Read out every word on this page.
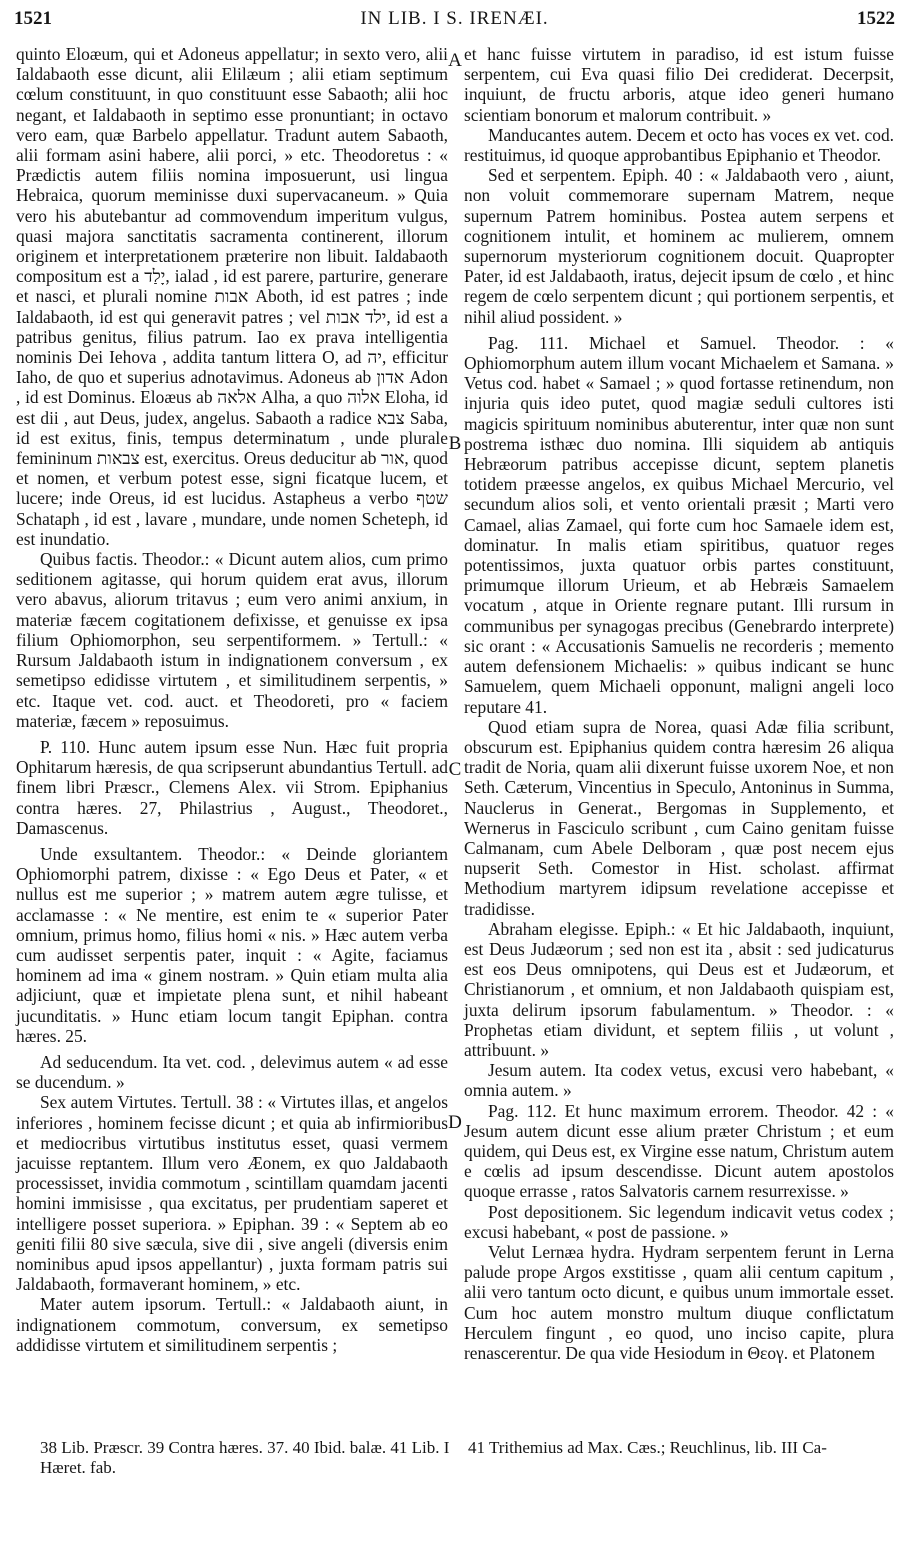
1521	IN LIB. I S. IRENÆI.	1522

quinto Eloæum, qui et Adoneus appellatur; in sexto vero, alii Ialdabaoth esse dicunt, alii Elilæum ; alii etiam septimum cœlum constituunt, in quo constituunt esse Sabaoth; alii hoc negant, et Ialdabaoth in septimo esse pronuntiant; in octavo vero eam, quæ Barbelo appellatur. Tradunt autem Sabaoth, alii formam asini habere, alii porci, » etc. Theodoretus : « Prædictis autem filiis nomina imposuerunt, usi lingua Hebraica, quorum meminisse duxi supervacaneum. » Quia vero his abutebantur ad commovendum imperitum vulgus, quasi majora sanctitatis sacramenta continerent, illorum originem et interpretationem præterire non libuit. Ialdabaoth compositum est a יָלַד, ialad , id est parere, parturire, generare et nasci, et plurali nomine אבות Aboth, id est patres ; inde Ialdabaoth, id est qui generavit patres ; vel ילד אבות, id est a patribus genitus, filius patrum. Iao ex prava intelligentia nominis Dei Iehova , addita tantum littera O, ad יה, efficitur Iaho, de quo et superius adnotavimus. Adoneus ab אדון Adon , id est Dominus. Eloæus ab אלאה Alha, a quo אלוה Eloha, id est dii , aut Deus, judex, angelus. Sabaoth a radice צבא Saba, id est exitus, finis, tempus determinatum , unde plurale femininum צבאות est, exercitus. Oreus deducitur ab אור, quod et nomen, et verbum potest esse, signi ficatque lucem, et lucere; inde Oreus, id est lucidus. Astapheus a verbo שטף Schataph , id est , lavare , mundare, unde nomen Scheteph, id est inundatio.

Quibus factis. Theodor.: « Dicunt autem alios, cum primo seditionem agitasse, qui horum quidem erat avus, illorum vero abavus, aliorum tritavus ; eum vero animi anxium, in materiæ fæcem cogitationem defixisse, et genuisse ex ipsa filium Ophiomorphon, seu serpentiformem. » Tertull.: « Rursum Jaldabaoth istum in indignationem conversum , ex semetipso edidisse virtutem , et similitudinem serpentis, » etc. Itaque vet. cod. auct. et Theodoreti, pro « faciem materiæ, fæcem » reposuimus.

P. 110. Hunc autem ipsum esse Nun. Hæc fuit propria Ophitarum hæresis, de qua scripserunt abundantius Tertull. ad finem libri Præscr., Clemens Alex. vii Strom. Epiphanius contra hæres. 27, Philastrius , August., Theodoret., Damascenus.

Unde exsultantem. Theodor.: « Deinde gloriantem Ophiomorphi patrem, dixisse : « Ego Deus et Pater, « et nullus est me superior ; » matrem autem ægre tulisse, et acclamasse : « Ne mentire, est enim te « superior Pater omnium, primus homo, filius homi « nis. » Hæc autem verba cum audisset serpentis pater, inquit : « Agite, faciamus hominem ad ima « ginem nostram. » Quin etiam multa alia adjiciunt, quæ et impietate plena sunt, et nihil habeant jucunditatis. » Hunc etiam locum tangit Epiphan. contra hæres. 25.

Ad seducendum. Ita vet. cod. , delevimus autem « ad esse se ducendum. »

Sex autem Virtutes. Tertull. 38 : « Virtutes illas, et angelos inferiores , hominem fecisse dicunt ; et quia ab infirmioribus et mediocribus virtutibus institutus esset, quasi vermem jacuisse reptantem. Illum vero Æonem, ex quo Jaldabaoth processisset, invidia commotum , scintillam quamdam jacenti homini immisisse , qua excitatus, per prudentiam saperet et intelligere posset superiora. » Epiphan. 39 : « Septem ab eo geniti filii 80 sive sæcula, sive dii , sive angeli (diversis enim nominibus apud ipsos appellantur) , juxta formam patris sui Jaldabaoth, formaverant hominem, » etc.

Mater autem ipsorum. Tertull.: « Jaldabaoth aiunt, in indignationem commotum, conversum, ex semetipso addidisse virtutem et similitudinem serpentis ;

A
B
C
D

et hanc fuisse virtutem in paradiso, id est istum fuisse serpentem, cui Eva quasi filio Dei crediderat. Decerpsit, inquiunt, de fructu arboris, atque ideo generi humano scientiam bonorum et malorum contribuit. »

Manducantes autem. Decem et octo has voces ex vet. cod. restituimus, id quoque approbantibus Epiphanio et Theodor.

Sed et serpentem. Epiph. 40 : « Jaldabaoth vero , aiunt, non voluit commemorare supernam Matrem, neque supernum Patrem hominibus. Postea autem serpens et cognitionem intulit, et hominem ac mulierem, omnem supernorum mysteriorum cognitionem docuit. Quapropter Pater, id est Jaldabaoth, iratus, dejecit ipsum de cœlo , et hinc regem de cœlo serpentem dicunt ; qui portionem serpentis, et nihil aliud possident. »

Pag. 111. Michael et Samuel. Theodor. : « Ophiomorphum autem illum vocant Michaelem et Samana. » Vetus cod. habet « Samael ; » quod fortasse retinendum, non injuria quis ideo putet, quod magiæ seduli cultores isti magicis spirituum nominibus abuterentur, inter quæ non sunt postrema isthæc duo nomina. Illi siquidem ab antiquis Hebræorum patribus accepisse dicunt, septem planetis totidem præesse angelos, ex quibus Michael Mercurio, vel secundum alios soli, et vento orientali præsit ; Marti vero Camael, alias Zamael, qui forte cum hoc Samaele idem est, dominatur. In malis etiam spiritibus, quatuor reges potentissimos, juxta quatuor orbis partes constituunt, primumque illorum Urieum, et ab Hebræis Samaelem vocatum , atque in Oriente regnare putant. Illi rursum in communibus per synagogas precibus (Genebrardo interprete) sic orant : « Accusationis Samuelis ne recorderis ; memento autem defensionem Michaelis: » quibus indicant se hunc Samuelem, quem Michaeli opponunt, maligni angeli loco reputare 41.

Quod etiam supra de Norea, quasi Adæ filia scribunt, obscurum est. Epiphanius quidem contra hæresim 26 aliqua tradit de Noria, quam alii dixerunt fuisse uxorem Noe, et non Seth. Cæterum, Vincentius in Speculo, Antoninus in Summa, Nauclerus in Generat., Bergomas in Supplemento, et Wernerus in Fasciculo scribunt , cum Caino genitam fuisse Calmanam, cum Abele Delboram , quæ post necem ejus nupserit Seth. Comestor in Hist. scholast. affirmat Methodium martyrem idipsum revelatione accepisse et tradidisse.

Abraham elegisse. Epiph.: « Et hic Jaldabaoth, inquiunt, est Deus Judæorum ; sed non est ita , absit : sed judicaturus est eos Deus omnipotens, qui Deus est et Judæorum, et Christianorum , et omnium, et non Jaldabaoth quispiam est, juxta delirum ipsorum fabulamentum. » Theodor. : « Prophetas etiam dividunt, et septem filiis , ut volunt , attribuunt. »

Jesum autem. Ita codex vetus, excusi vero habebant, « omnia autem. »

Pag. 112. Et hunc maximum errorem. Theodor. 42 : « Jesum autem dicunt esse alium præter Christum ; et eum quidem, qui Deus est, ex Virgine esse natum, Christum autem e cœlis ad ipsum descendisse. Dicunt autem apostolos quoque errasse , ratos Salvatoris carnem resurrexisse. »

Post depositionem. Sic legendum indicavit vetus codex ; excusi habebant, « post de passione. »

Velut Lernæa hydra. Hydram serpentem ferunt in Lerna palude prope Argos exstitisse , quam alii centum capitum , alii vero tantum octo dicunt, e quibus unum immortale esset. Cum hoc autem monstro multum diuque conflictatum Herculem fingunt , eo quod, uno inciso capite, plura renascerentur. De qua vide Hesiodum in Θεογ. et Platonem

38 Lib. Præscr. 39 Contra hæres. 37. 40 Ibid. balæ. 41 Lib. I Hæret. fab.
41 Trithemius ad Max. Cæs.; Reuchlinus, lib. III Ca-
